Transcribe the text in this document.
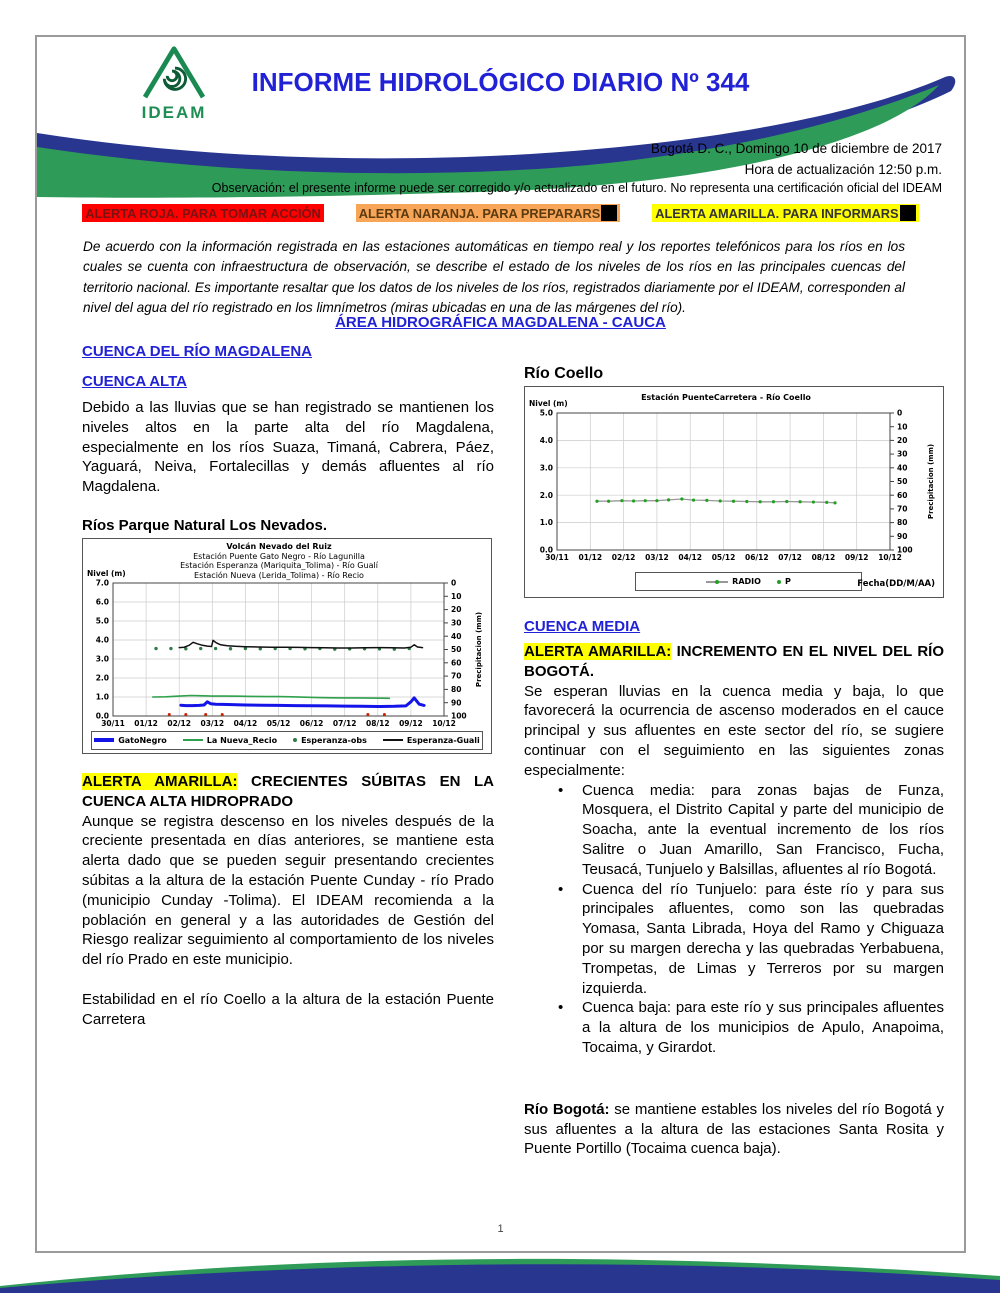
IDEAM
INFORME HIDROLÓGICO DIARIO Nº 344
Bogotá D. C., Domingo 10 de diciembre de 2017
Hora de actualización 12:50 p.m.
Observación: el presente informe puede ser corregido y/o actualizado en el futuro. No representa una certificación oficial del IDEAM
ALERTA ROJA. PARA TOMAR ACCIÓN	ALERTA NARANJA. PARA PREPARARS	ALERTA AMARILLA. PARA INFORMARS
De acuerdo con la información registrada en las estaciones automáticas en tiempo real y los reportes telefónicos para los ríos en los cuales se cuenta con infraestructura de observación, se describe el estado de los niveles de los ríos en las principales cuencas del territorio nacional. Es importante resaltar que los datos de los niveles de los ríos, registrados diariamente por el IDEAM, corresponden al nivel del agua del río registrado en los limnímetros (miras ubicadas en una de las márgenes del río).
ÁREA HIDROGRÁFICA MAGDALENA - CAUCA
CUENCA DEL RÍO MAGDALENA
CUENCA ALTA

Debido a las lluvias que se han registrado se mantienen los niveles altos en la parte alta del río Magdalena, especialmente en los ríos Suaza, Timaná, Cabrera, Páez, Yaguará, Neiva, Fortalecillas y demás afluentes al río Magdalena.

Ríos Parque Natural Los Nevados.
Volcán Nevado del Ruiz
Estación Puente Gato Negro - Río Lagunilla
Estación Esperanza (Mariquita_Tolima) - Río Gualí
Estación Nueva (Lerida_Tolima) - Río Recio
Nivel (m)
GatoNegro	La Nueva_Recio	Esperanza-obs	Esperanza-Guali
0.0
1.0
2.0
3.0
4.0
5.0
6.0
7.0	0
10
20
30
40
50
60
70
80
90
100
30/11 01/12 02/12 03/12 04/12 05/12 06/12 07/12 08/12 09/12 10/12
Precipitacion (mm)

ALERTA AMARILLA: CRECIENTES SÚBITAS EN LA CUENCA ALTA HIDROPRADO

Aunque se registra descenso en los niveles después de la creciente presentada en días anteriores, se mantiene esta alerta dado que se pueden seguir presentando crecientes súbitas a la altura de la estación Puente Cunday - río Prado (municipio Cunday -Tolima). El IDEAM recomienda a la población en general y a las autoridades de Gestión del Riesgo realizar seguimiento al comportamiento de los niveles del río Prado en este municipio.

Estabilidad en el río Coello a la altura de la estación Puente Carretera

Río Coello
Estación PuenteCarretera - Río Coello
Nivel (m)
RADIO	P	Fecha(DD/M/AA)
0.0
1.0
2.0
3.0
4.0
5.0	0
10
20
30
40
50
60
70
80
90
100
30/11 01/12 02/12 03/12 04/12 05/12 06/12 07/12 08/12 09/12 10/12
Precipitacion (mm)
CUENCA MEDIA

ALERTA AMARILLA: INCREMENTO EN EL NIVEL DEL RÍO BOGOTÁ.

Se esperan lluvias en la cuenca media y baja, lo que favorecerá la ocurrencia de ascenso moderados en el cauce principal y sus afluentes en este sector del río, se sugiere continuar con el seguimiento en las siguientes zonas especialmente:

• Cuenca media: para zonas bajas de Funza, Mosquera, el Distrito Capital y parte del municipio de Soacha, ante la eventual incremento de los ríos Salitre o Juan Amarillo, San Francisco, Fucha, Teusacá, Tunjuelo y Balsillas, afluentes al río Bogotá.
• Cuenca del río Tunjuelo: para éste río y para sus principales afluentes, como son las quebradas Yomasa, Santa Librada, Hoya del Ramo y Chiguaza por su margen derecha y las quebradas Yerbabuena, Trompetas, de Limas y Terreros por su margen izquierda.
• Cuenca baja: para este río y sus principales afluentes a la altura de los municipios de Apulo, Anapoima, Tocaima, y Girardot.

Río Bogotá: se mantiene estables los niveles del río Bogotá y sus afluentes a la altura de las estaciones Santa Rosita y Puente Portillo (Tocaima cuenca baja).

1
